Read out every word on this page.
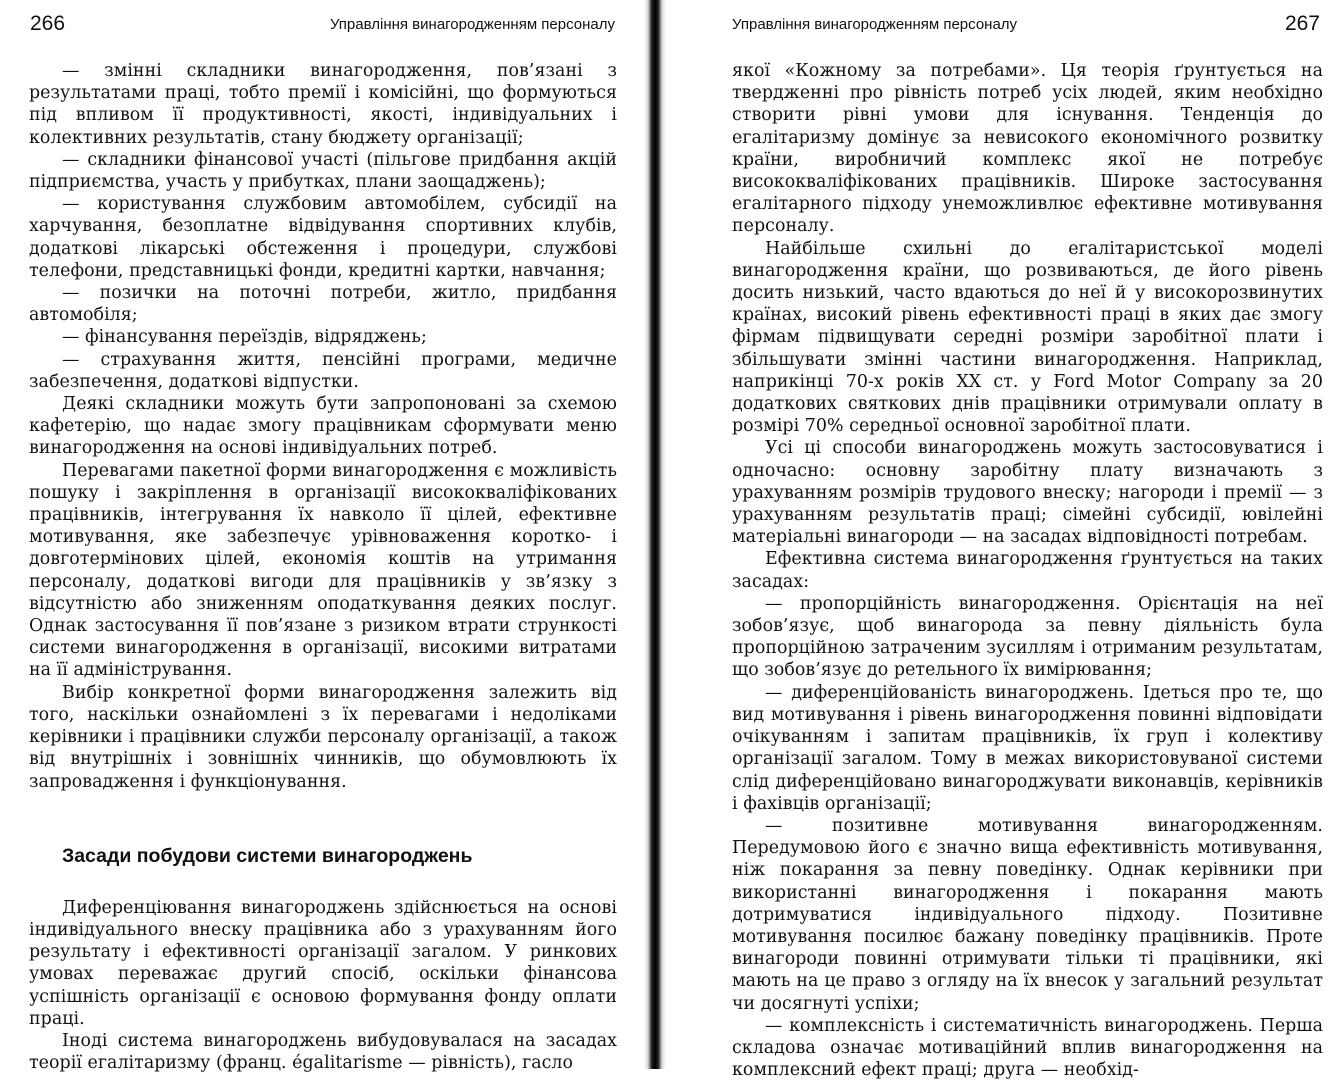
266	Управління винагородженням персоналу

— змінні складники винагородження, пов’язані з результатами праці, тобто премії і комісійні, що формуються під впливом її продуктивності, якості, індивідуальних і колективних результатів, стану бюджету організації;

— складники фінансової участі (пільгове придбання акцій підприємства, участь у прибутках, плани заощаджень);

— користування службовим автомобілем, субсидії на харчування, безоплатне відвідування спортивних клубів, додаткові лікарські обстеження і процедури, службові телефони, представницькі фонди, кредитні картки, навчання;

— позички на поточні потреби, житло, придбання автомобіля;

— фінансування переїздів, відряджень;

— страхування життя, пенсійні програми, медичне забезпечення, додаткові відпустки.

Деякі складники можуть бути запропоновані за схемою кафетерію, що надає змогу працівникам сформувати меню винагородження на основі індивідуальних потреб.

Перевагами пакетної форми винагородження є можливість пошуку і закріплення в організації висококваліфікованих працівників, інтегрування їх навколо її цілей, ефективне мотивування, яке забезпечує урівноваження коротко- і довготермінових цілей, економія коштів на утримання персоналу, додаткові вигоди для працівників у зв’язку з відсутністю або зниженням оподаткування деяких послуг. Однак застосування її пов’язане з ризиком втрати стрункості системи винагородження в організації, високими витратами на її адміністрування.

Вибір конкретної форми винагородження залежить від того, наскільки ознайомлені з їх перевагами і недоліками керівники і працівники служби персоналу організації, а також від внутрішніх і зовнішніх чинників, що обумовлюють їх запровадження і функціонування.

Засади побудови системи винагороджень

Диференціювання винагороджень здійснюється на основі індивідуального внеску працівника або з урахуванням його результату і ефективності організації загалом. У ринкових умовах переважає другий спосіб, оскільки фінансова успішність організації є основою формування фонду оплати праці.

Іноді система винагороджень вибудовувалася на засадах теорії егалітаризму (франц. égalitarisme — рівність), гасло

Управління винагородженням персоналу	267

якої «Кожному за потребами». Ця теорія ґрунтується на твердженні про рівність потреб усіх людей, яким необхідно створити рівні умови для існування. Тенденція до егалітаризму домінує за невисокого економічного розвитку країни, виробничий комплекс якої не потребує висококваліфікованих працівників. Широке застосування егалітарного підходу унеможливлює ефективне мотивування персоналу.

Найбільше схильні до егалітаристської моделі винагородження країни, що розвиваються, де його рівень досить низький, часто вдаються до неї й у високорозвинутих країнах, високий рівень ефективності праці в яких дає змогу фірмам підвищувати середні розміри заробітної плати і збільшувати змінні частини винагородження. Наприклад, наприкінці 70-х років XX ст. у Ford Motor Company за 20 додаткових святкових днів працівники отримували оплату в розмірі 70% середньої основної заробітної плати.

Усі ці способи винагороджень можуть застосовуватися і одночасно: основну заробітну плату визначають з урахуванням розмірів трудового внеску; нагороди і премії — з урахуванням результатів праці; сімейні субсидії, ювілейні матеріальні винагороди — на засадах відповідності потребам.

Ефективна система винагородження ґрунтується на таких засадах:

— пропорційність винагородження. Орієнтація на неї зобов’язує, щоб винагорода за певну діяльність була пропорційною затраченим зусиллям і отриманим результатам, що зобов’язує до ретельного їх вимірювання;

— диференційованість винагороджень. Ідеться про те, що вид мотивування і рівень винагородження повинні відповідати очікуванням і запитам працівників, їх груп і колективу організації загалом. Тому в межах використовуваної системи слід диференційовано винагороджувати виконавців, керівників і фахівців організації;

— позитивне мотивування винагородженням. Передумовою його є значно вища ефективність мотивування, ніж покарання за певну поведінку. Однак керівники при використанні винагородження і покарання мають дотримуватися індивідуального підходу. Позитивне мотивування посилює бажану поведінку працівників. Проте винагороди повинні отримувати тільки ті працівники, які мають на це право з огляду на їх внесок у загальний результат чи досягнуті успіхи;

— комплексність і систематичність винагороджень. Перша складова означає мотиваційний вплив винагородження на комплексний ефект праці; друга — необхід-
